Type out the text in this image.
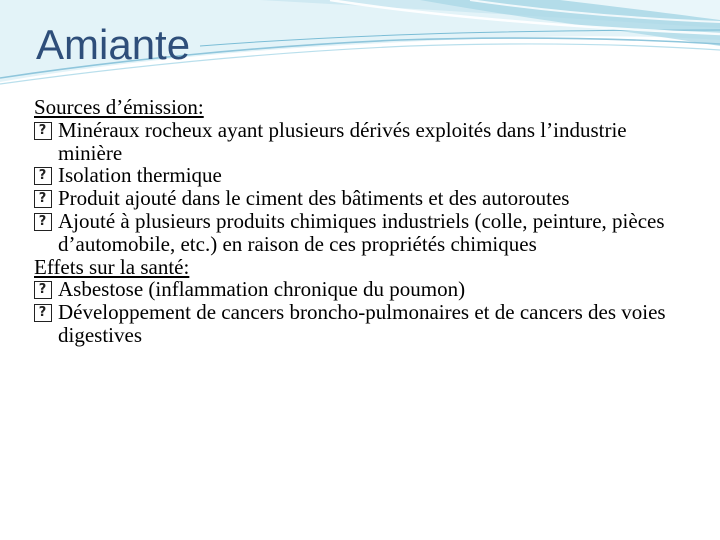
Amiante
Sources d’émission:
?
Minéraux rocheux ayant plusieurs dérivés exploités dans l’industrie minière
?
Isolation thermique
?
Produit ajouté dans le ciment des bâtiments et des autoroutes
?
Ajouté à plusieurs produits chimiques industriels (colle, peinture, pièces d’automobile, etc.) en raison de ces propriétés chimiques
Effets sur la santé:
?
Asbestose (inflammation chronique du poumon)
?
Développement de cancers broncho-pulmonaires et de cancers des voies digestives
